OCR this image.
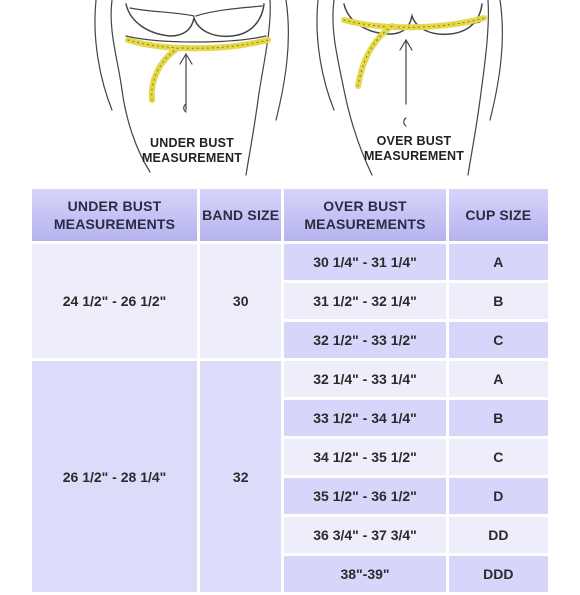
UNDER BUST MEASUREMENT
OVER BUST MEASUREMENT
UNDER BUST MEASUREMENTS	BAND SIZE	OVER BUST MEASUREMENTS	CUP SIZE
24 1/2" - 26 1/2"	30	30 1/4" - 31 1/4"	A
		31 1/2" - 32 1/4"	B
		32 1/2" - 33 1/2"	C
26 1/2" - 28 1/4"	32	32 1/4" - 33 1/4"	A
		33 1/2" - 34 1/4"	B
		34 1/2" - 35 1/2"	C
		35 1/2" - 36 1/2"	D
		36 3/4" - 37 3/4"	DD
		38"-39"	DDD
